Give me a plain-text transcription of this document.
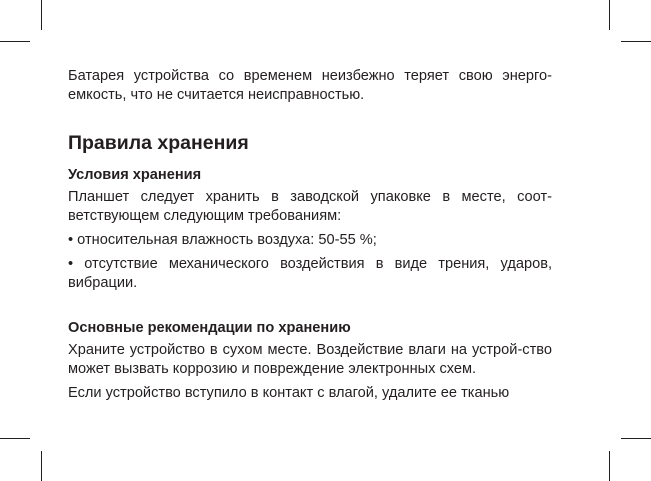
Батарея устройства со временем неизбежно теряет свою энерго-емкость, что не считается неисправностью.

Правила хранения
Условия хранения

Планшет следует хранить в заводской упаковке в месте, соот-ветствующем следующим требованиям:

• относительная влажность воздуха: 50-55 %;

• отсутствие механического воздействия в виде трения, ударов, вибрации.

Основные рекомендации по хранению

Храните устройство в сухом месте. Воздействие влаги на устрой-ство может вызвать коррозию и повреждение электронных схем.

Если устройство вступило в контакт с влагой, удалите ее тканью
